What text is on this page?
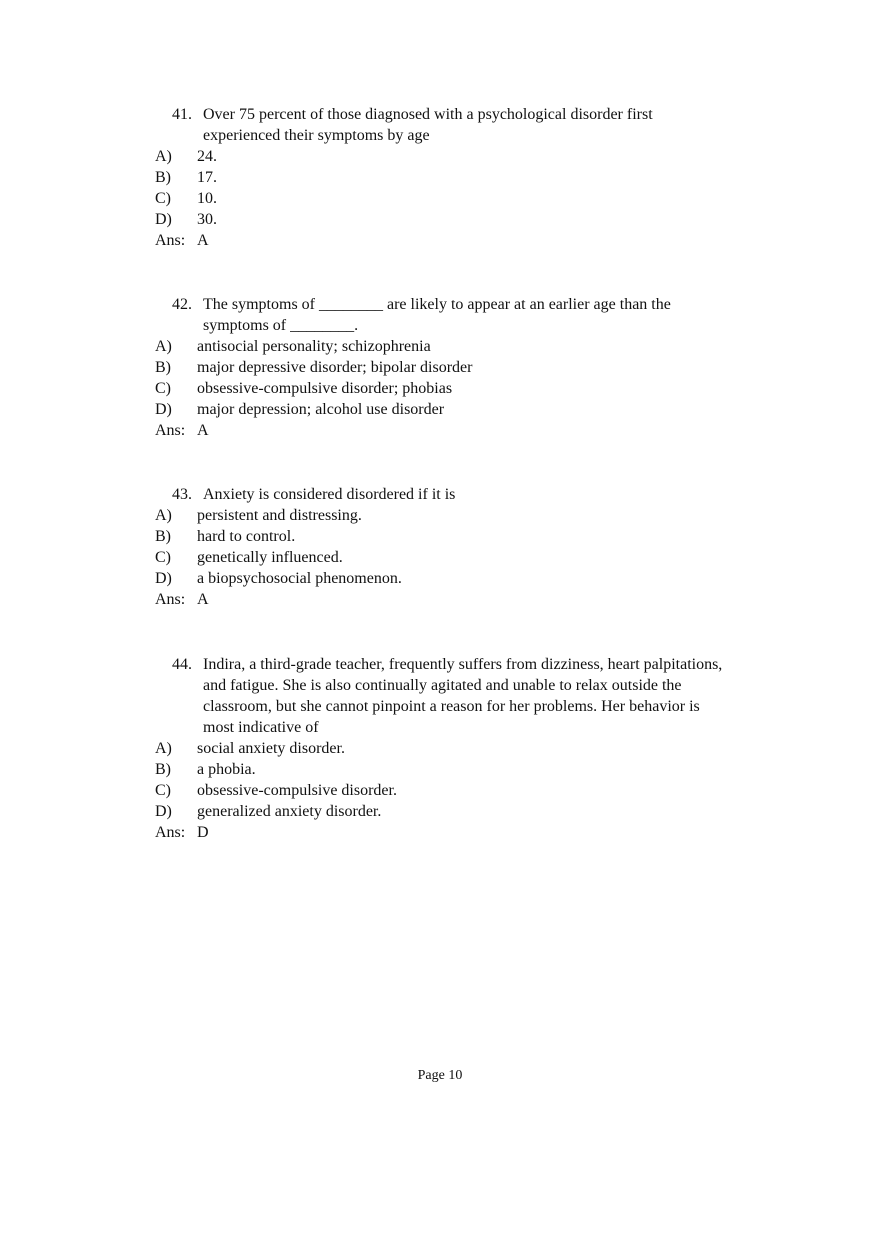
41. Over 75 percent of those diagnosed with a psychological disorder first
experienced their symptoms by age
A) 24.
B) 17.
C) 10.
D) 30.
Ans: A
42. The symptoms of ________ are likely to appear at an earlier age than the
symptoms of ________.
A) antisocial personality; schizophrenia
B) major depressive disorder; bipolar disorder
C) obsessive-compulsive disorder; phobias
D) major depression; alcohol use disorder
Ans: A
43. Anxiety is considered disordered if it is
A) persistent and distressing.
B) hard to control.
C) genetically influenced.
D) a biopsychosocial phenomenon.
Ans: A
44. Indira, a third-grade teacher, frequently suffers from dizziness, heart palpitations,
and fatigue. She is also continually agitated and unable to relax outside the
classroom, but she cannot pinpoint a reason for her problems. Her behavior is
most indicative of
A) social anxiety disorder.
B) a phobia.
C) obsessive-compulsive disorder.
D) generalized anxiety disorder.
Ans: D
Page 10
